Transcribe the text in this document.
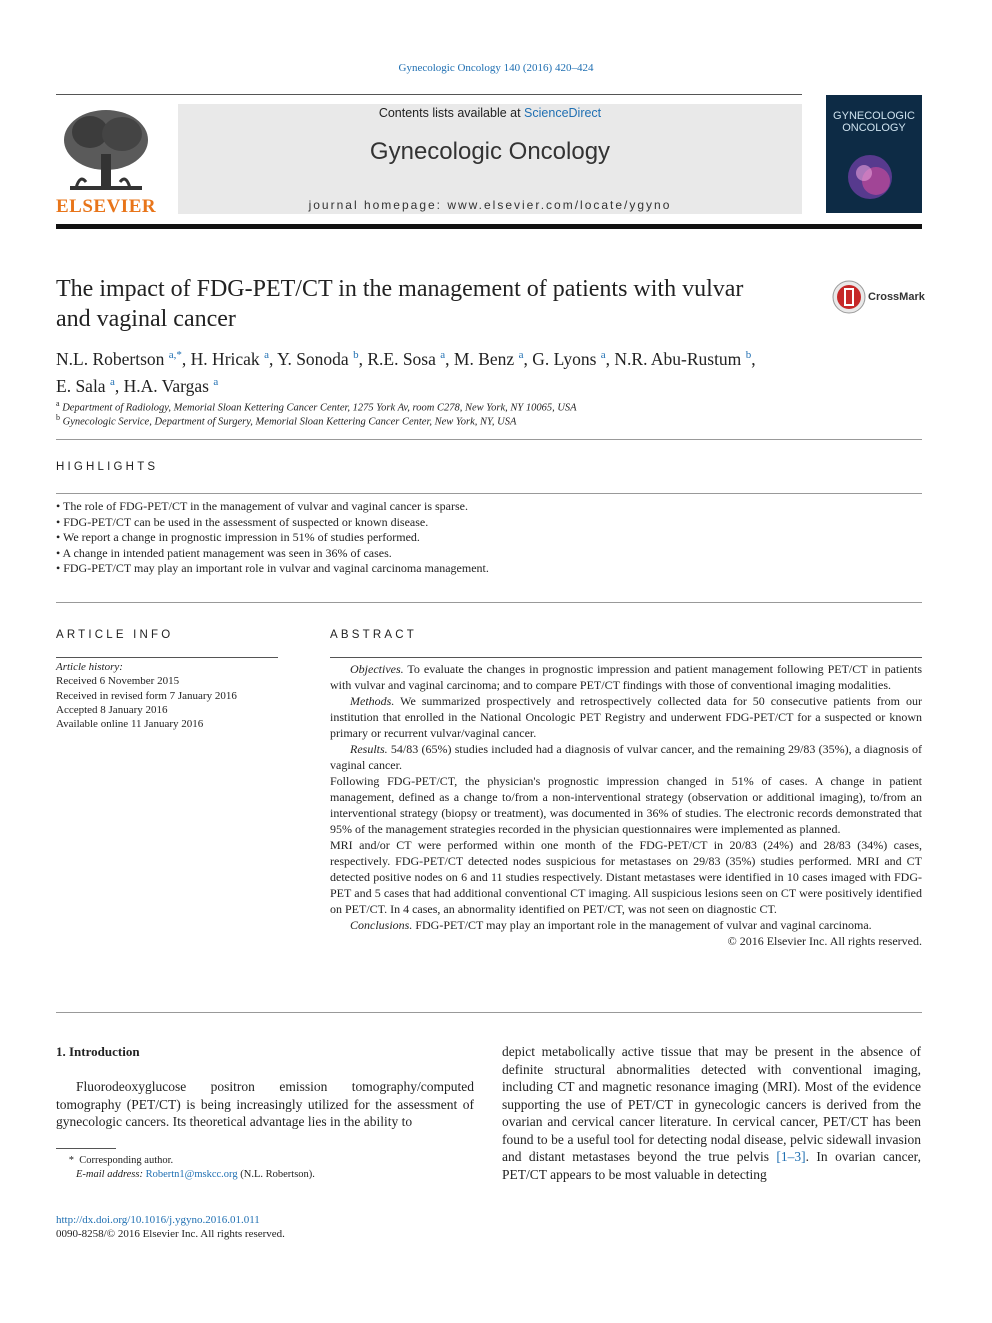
Gynecologic Oncology 140 (2016) 420–424
ELSEVIER
Contents lists available at ScienceDirect
Gynecologic Oncology
journal homepage: www.elsevier.com/locate/ygyno
GYNECOLOGIC
ONCOLOGY
The impact of FDG-PET/CT in the management of patients with vulvar
and vaginal cancer
CrossMark
N.L. Robertson $^{a,*}$, H. Hricak $^a$, Y. Sonoda $^b$, R.E. Sosa $^a$, M. Benz $^a$, G. Lyons $^a$, N.R. Abu-Rustum $^b$,
E. Sala $^a$, H.A. Vargas $^a$
$^a$ Department of Radiology, Memorial Sloan Kettering Cancer Center, 1275 York Av, room C278, New York, NY 10065, USA
$^b$ Gynecologic Service, Department of Surgery, Memorial Sloan Kettering Cancer Center, New York, NY, USA
HIGHLIGHTS
• The role of FDG-PET/CT in the management of vulvar and vaginal cancer is sparse.
• FDG-PET/CT can be used in the assessment of suspected or known disease.
• We report a change in prognostic impression in 51% of studies performed.
• A change in intended patient management was seen in 36% of cases.
• FDG-PET/CT may play an important role in vulvar and vaginal carcinoma management.
ARTICLE INFO
Article history:
Received 6 November 2015
Received in revised form 7 January 2016
Accepted 8 January 2016
Available online 11 January 2016
ABSTRACT

Objectives. To evaluate the changes in prognostic impression and patient management following PET/CT in patients with vulvar and vaginal carcinoma; and to compare PET/CT findings with those of conventional imaging modalities.

Methods. We summarized prospectively and retrospectively collected data for 50 consecutive patients from our institution that enrolled in the National Oncologic PET Registry and underwent FDG-PET/CT for a suspected or known primary or recurrent vulvar/vaginal cancer.

Results. 54/83 (65%) studies included had a diagnosis of vulvar cancer, and the remaining 29/83 (35%), a diagnosis of vaginal cancer.

Following FDG-PET/CT, the physician's prognostic impression changed in 51% of cases. A change in patient management, defined as a change to/from a non-interventional strategy (observation or additional imaging), to/from an interventional strategy (biopsy or treatment), was documented in 36% of studies. The electronic records demonstrated that 95% of the management strategies recorded in the physician questionnaires were implemented as planned.

MRI and/or CT were performed within one month of the FDG-PET/CT in 20/83 (24%) and 28/83 (34%) cases, respectively. FDG-PET/CT detected nodes suspicious for metastases on 29/83 (35%) studies performed. MRI and CT detected positive nodes on 6 and 11 studies respectively. Distant metastases were identified in 10 cases imaged with FDG-PET and 5 cases that had additional conventional CT imaging. All suspicious lesions seen on CT were positively identified on PET/CT. In 4 cases, an abnormality identified on PET/CT, was not seen on diagnostic CT.

Conclusions. FDG-PET/CT may play an important role in the management of vulvar and vaginal carcinoma.

© 2016 Elsevier Inc. All rights reserved.

1. Introduction

Fluorodeoxyglucose positron emission tomography/computed tomography (PET/CT) is being increasingly utilized for the assessment of gynecologic cancers. Its theoretical advantage lies in the ability to

depict metabolically active tissue that may be present in the absence of definite structural abnormalities detected with conventional imaging, including CT and magnetic resonance imaging (MRI). Most of the evidence supporting the use of PET/CT in gynecologic cancers is derived from the ovarian and cervical cancer literature. In cervical cancer, PET/CT has been found to be a useful tool for detecting nodal disease, pelvic sidewall invasion and distant metastases beyond the true pelvis [1–3]. In ovarian cancer, PET/CT appears to be most valuable in detecting

* Corresponding author.
E-mail address: Robertn1@mskcc.org (N.L. Robertson).
http://dx.doi.org/10.1016/j.ygyno.2016.01.011
0090-8258/© 2016 Elsevier Inc. All rights reserved.
